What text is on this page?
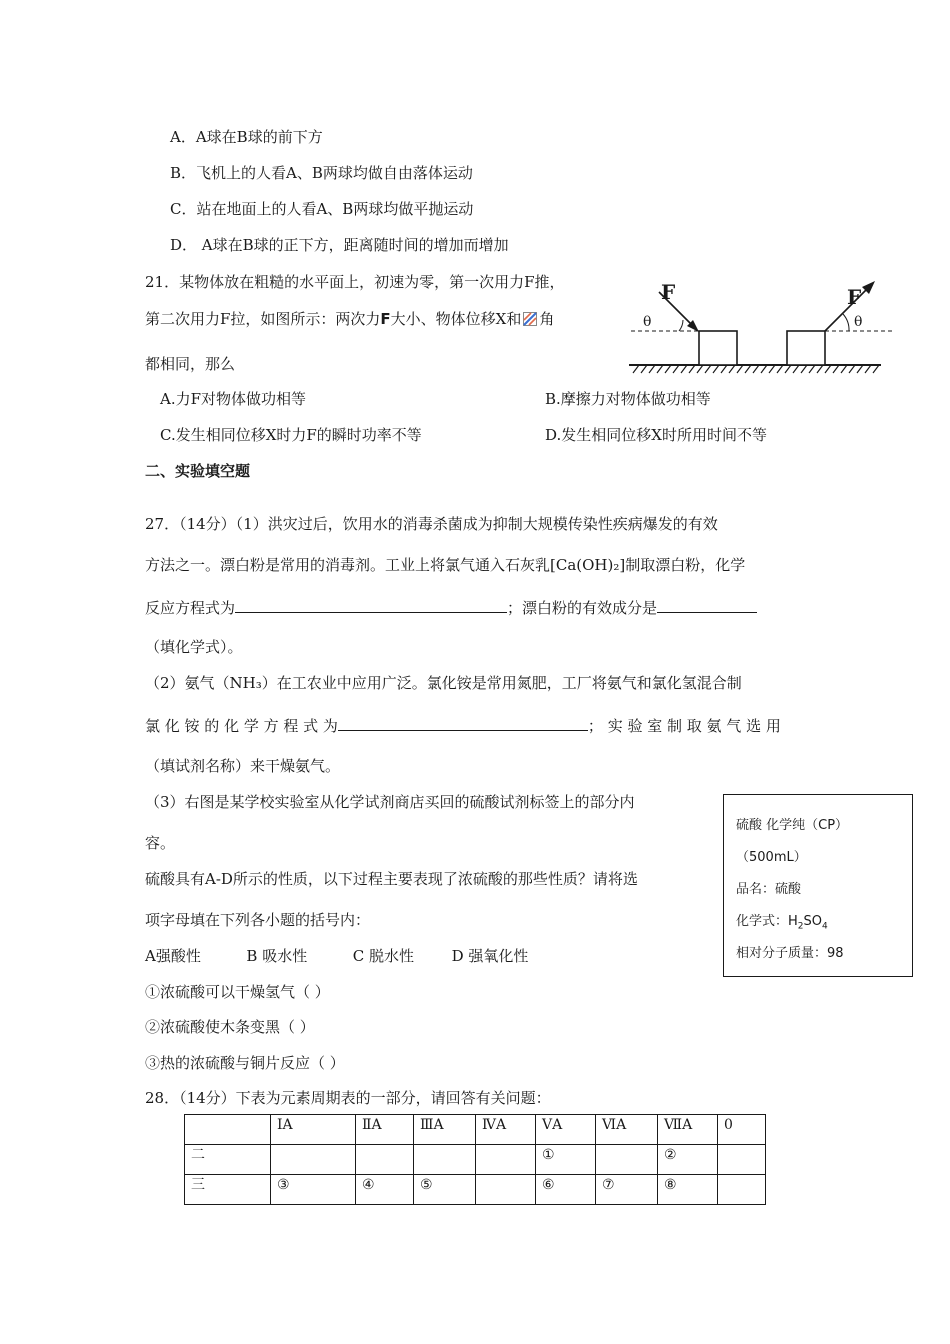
A．A球在B球的前下方
B．飞机上的人看A、B两球均做自由落体运动
C．站在地面上的人看A、B两球均做平抛运动
D． A球在B球的正下方，距离随时间的增加而增加
21．某物体放在粗糙的水平面上，初速为零，第一次用力F推，
第二次用力F拉，如图所示：两次力F大小、物体位移X和 角
都相同，那么
F
θ
F
θ
A.力F对物体做功相等	B.摩擦力对物体做功相等
C.发生相同位移X时力F的瞬时功率不等	D.发生相同位移X时所用时间不等
二、实验填空题
27．（14分）（1）洪灾过后，饮用水的消毒杀菌成为抑制大规模传染性疾病爆发的有效
方法之一。漂白粉是常用的消毒剂。工业上将氯气通入石灰乳[Ca(OH)₂]制取漂白粉，化学
反应方程式为	；漂白粉的有效成分是
（填化学式）。
（2）氨气（NH₃）在工农业中应用广泛。氯化铵是常用氮肥，工厂将氨气和氯化氢混合制
氯 化 铵 的 化 学 方 程 式 为	； 实 验 室 制 取 氨 气 选 用
（填试剂名称）来干燥氨气。
（3）右图是某学校实验室从化学试剂商店买回的硫酸试剂标签上的部分内
容。
硫酸具有A-D所示的性质，以下过程主要表现了浓硫酸的那些性质？请将选
项字母填在下列各小题的括号内：
A强酸性	B 吸水性	C 脱水性	D 强氧化性
①浓硫酸可以干燥氢气（ ）
②浓硫酸使木条变黑（ ）
③热的浓硫酸与铜片反应（ ）
硫酸 化学纯（CP）
（500mL）
品名：硫酸
化学式：$H_2SO_4$
相对分子质量：98
28．（14分）下表为元素周期表的一部分，请回答有关问题：
	ⅠA	ⅡA	ⅢA	ⅣA	ⅤA	ⅥA	ⅦA	0
二					①		②	
三	③	④	⑤		⑥	⑦	⑧	
